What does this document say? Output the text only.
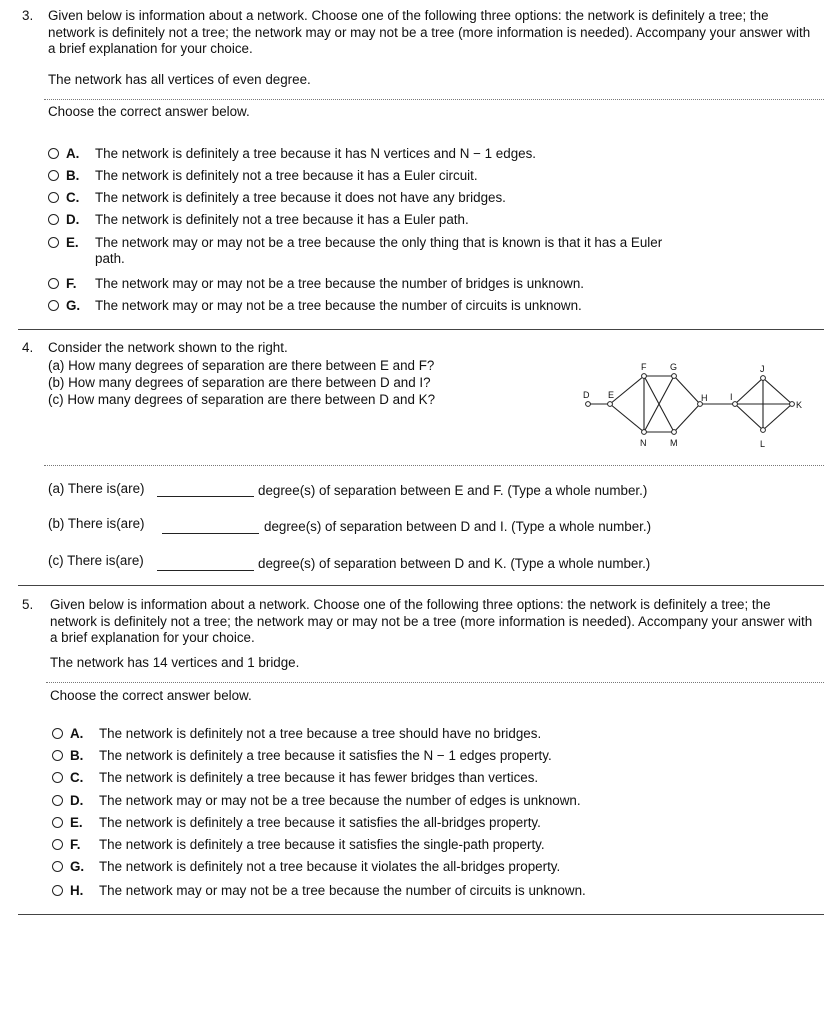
3. Given below is information about a network. Choose one of the following three options: the network is definitely a tree; the network is definitely not a tree; the network may or may not be a tree (more information is needed). Accompany your answer with a brief explanation for your choice.
The network has all vertices of even degree.
Choose the correct answer below.
A. The network is definitely a tree because it has N vertices and N − 1 edges.
B. The network is definitely not a tree because it has a Euler circuit.
C. The network is definitely a tree because it does not have any bridges.
D. The network is definitely not a tree because it has a Euler path.
E. The network may or may not be a tree because the only thing that is known is that it has a Euler path.
F. The network may or may not be a tree because the number of bridges is unknown.
G. The network may or may not be a tree because the number of circuits is unknown.
4. Consider the network shown to the right.
(a) How many degrees of separation are there between E and F?
(b) How many degrees of separation are there between D and I?
(c) How many degrees of separation are there between D and K?	D E
F	G
H	I
J
K
L
N	M
(a) There is(are)	degree(s) of separation between E and F. (Type a whole number.)
(b) There is(are)	degree(s) of separation between D and I. (Type a whole number.)
(c) There is(are)	degree(s) of separation between D and K. (Type a whole number.)
5. Given below is information about a network. Choose one of the following three options: the network is definitely a tree; the network is definitely not a tree; the network may or may not be a tree (more information is needed). Accompany your answer with a brief explanation for your choice.
The network has 14 vertices and 1 bridge.
Choose the correct answer below.
A. The network is definitely not a tree because a tree should have no bridges.
B. The network is definitely a tree because it satisfies the N − 1 edges property.
C. The network is definitely a tree because it has fewer bridges than vertices.
D. The network may or may not be a tree because the number of edges is unknown.
E. The network is definitely a tree because it satisfies the all-bridges property.
F. The network is definitely a tree because it satisfies the single-path property.
G. The network is definitely not a tree because it violates the all-bridges property.
H. The network may or may not be a tree because the number of circuits is unknown.
